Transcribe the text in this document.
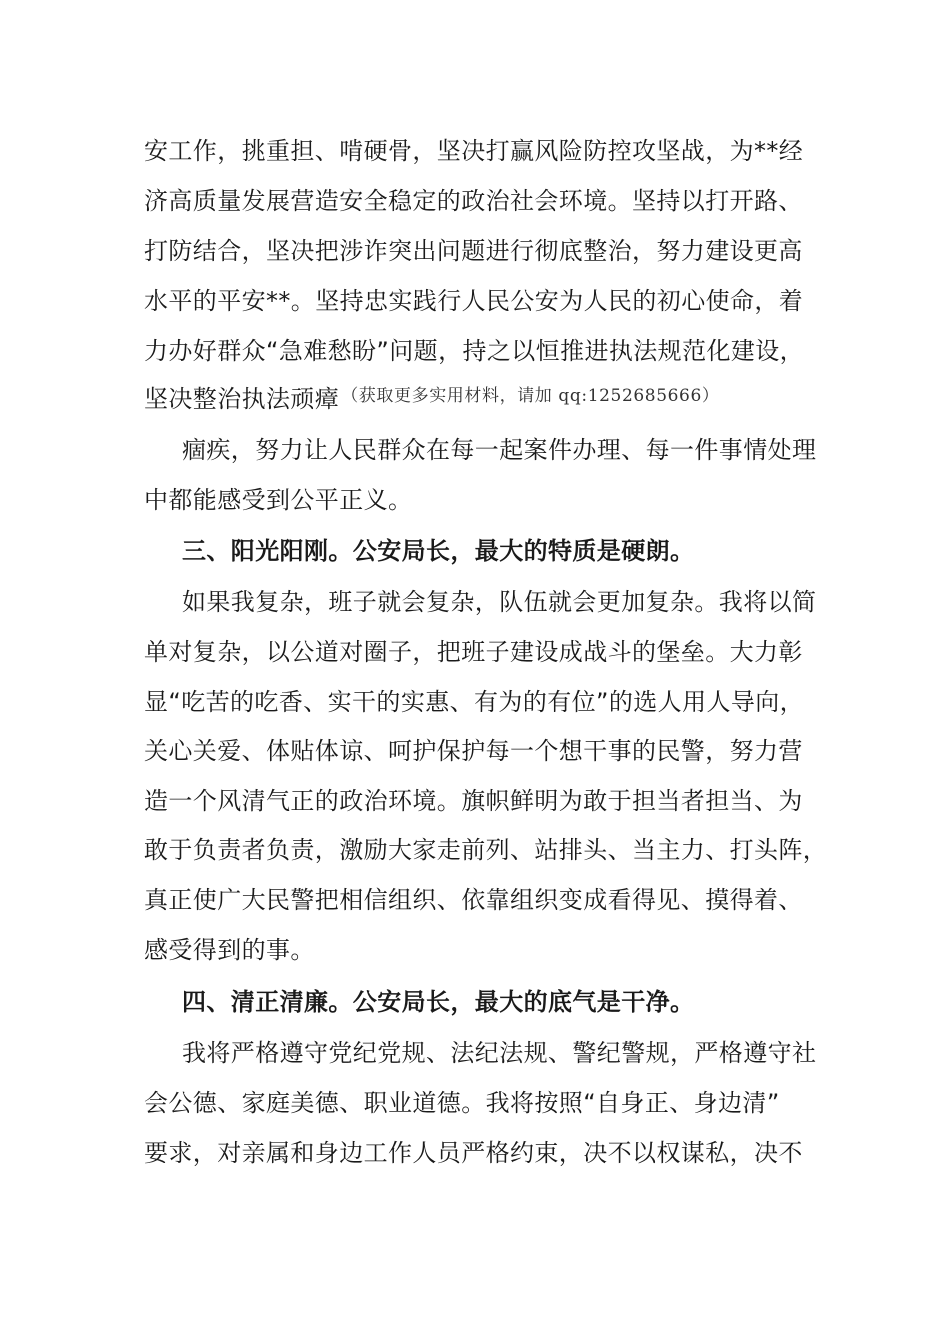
安工作，挑重担、啃硬骨，坚决打赢风险防控攻坚战，为**经
济高质量发展营造安全稳定的政治社会环境。坚持以打开路、
打防结合，坚决把涉诈突出问题进行彻底整治，努力建设更高
水平的平安**。坚持忠实践行人民公安为人民的初心使命，着
力办好群众“急难愁盼”问题，持之以恒推进执法规范化建设，
坚决整治执法顽瘴 （获取更多实用材料，请加 qq:1252685666）
痼疾，努力让人民群众在每一起案件办理、每一件事情处理
中都能感受到公平正义。
三、阳光阳刚。公安局长，最大的特质是硬朗。
如果我复杂，班子就会复杂，队伍就会更加复杂。我将以简
单对复杂，以公道对圈子，把班子建设成战斗的堡垒。大力彰
显“吃苦的吃香、实干的实惠、有为的有位”的选人用人导向，
关心关爱、体贴体谅、呵护保护每一个想干事的民警，努力营
造一个风清气正的政治环境。旗帜鲜明为敢于担当者担当、为
敢于负责者负责，激励大家走前列、站排头、当主力、打头阵，
真正使广大民警把相信组织、依靠组织变成看得见、摸得着、
感受得到的事。
四、清正清廉。公安局长，最大的底气是干净。
我将严格遵守党纪党规、法纪法规、警纪警规，严格遵守社
会公德、家庭美德、职业道德。我将按照“自身正、身边清”
要求，对亲属和身边工作人员严格约束，决不以权谋私，决不
